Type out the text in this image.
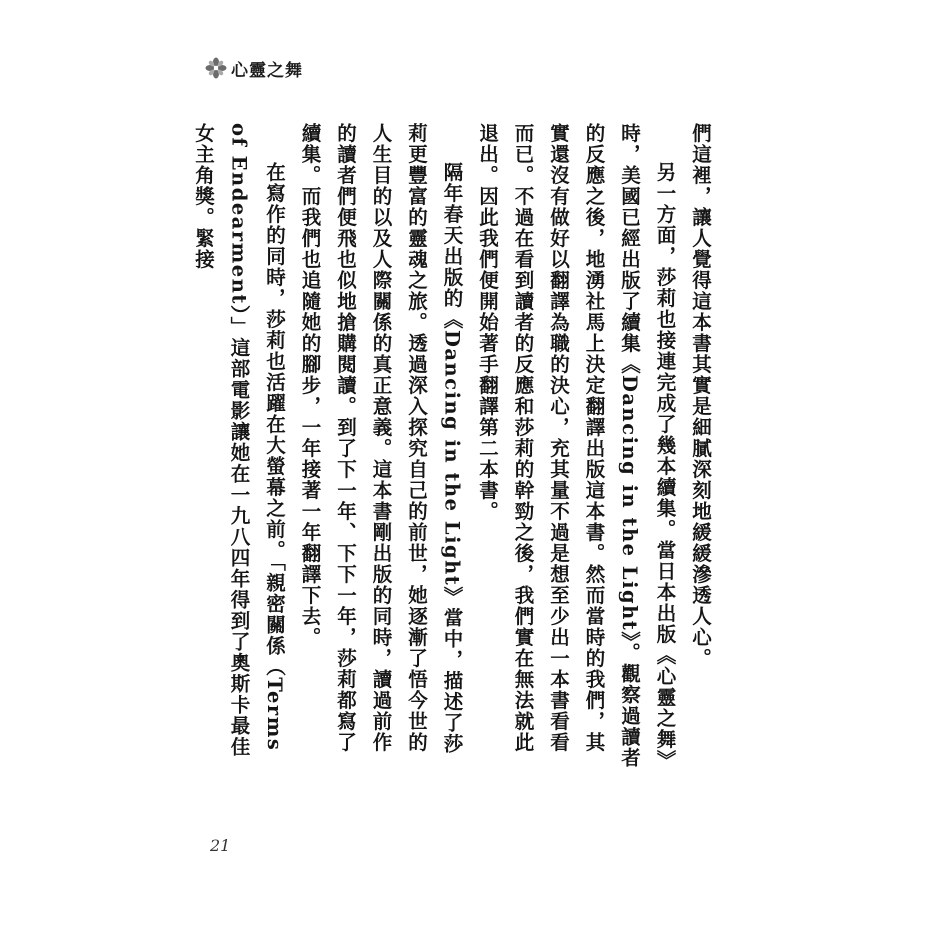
心靈之舞

們這裡，讓人覺得這本書其實是細膩深刻地緩緩滲透人心。

另一方面，莎莉也接連完成了幾本續集。當日本出版《心靈之舞》時，美國已經出版了續集《Dancing in the Light》。觀察過讀者的反應之後，地湧社馬上決定翻譯出版這本書。然而當時的我們，其實還沒有做好以翻譯為職的決心，充其量不過是想至少出一本書看看而已。不過在看到讀者的反應和莎莉的幹勁之後，我們實在無法就此退出。因此我們便開始著手翻譯第二本書。

隔年春天出版的《Dancing in the Light》當中，描述了莎莉更豐富的靈魂之旅。透過深入探究自己的前世，她逐漸了悟今世的人生目的以及人際關係的真正意義。這本書剛出版的同時，讀過前作的讀者們便飛也似地搶購閱讀。到了下一年、下下一年，莎莉都寫了續集。而我們也追隨她的腳步，一年接著一年翻譯下去。

在寫作的同時，莎莉也活躍在大螢幕之前。「親密關係（Terms of Endearment）」這部電影讓她在一九八四年得到了奧斯卡最佳女主角獎。緊接

21
